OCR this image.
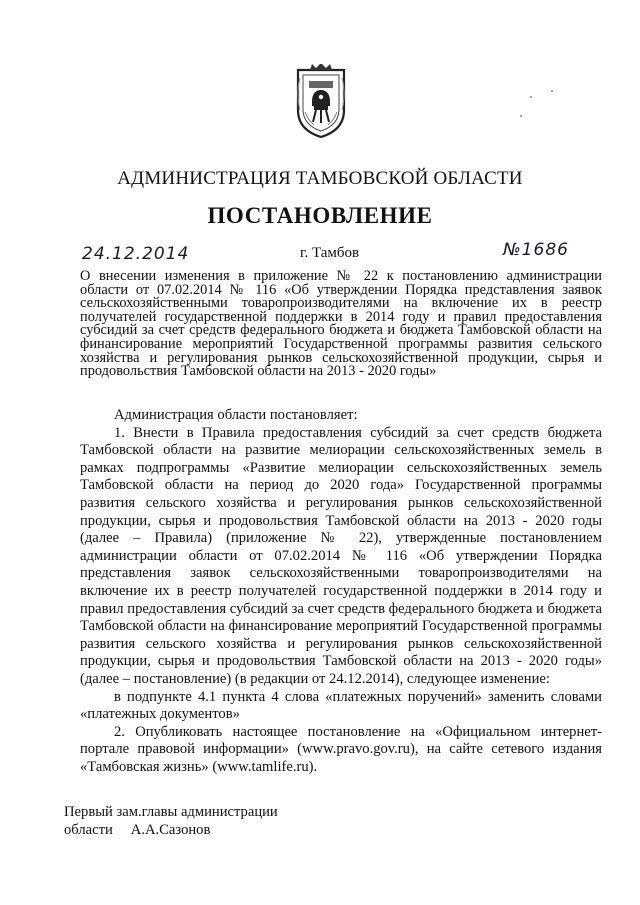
АДМИНИСТРАЦИЯ ТАМБОВСКОЙ ОБЛАСТИ
ПОСТАНОВЛЕНИЕ
24.12.2014	г. Тамбов	№1686
О внесении изменения в приложение № 22 к постановлению администрации области от 07.02.2014 № 116 «Об утверждении Порядка представления заявок сельскохозяйственными товаропроизводителями на включение их в реестр получателей государственной поддержки в 2014 году и правил предоставления субсидий за счет средств федерального бюджета и бюджета Тамбовской области на финансирование мероприятий Государственной программы развития сельского хозяйства и регулирования рынков сельскохозяйственной продукции, сырья и продовольствия Тамбовской области на 2013 - 2020 годы»

Администрация области постановляет:

1. Внести в Правила предоставления субсидий за счет средств бюджета Тамбовской области на развитие мелиорации сельскохозяйственных земель в рамках подпрограммы «Развитие мелиорации сельскохозяйственных земель Тамбовской области на период до 2020 года» Государственной программы развития сельского хозяйства и регулирования рынков сельскохозяйственной продукции, сырья и продовольствия Тамбовской области на 2013 - 2020 годы (далее – Правила) (приложение № 22), утвержденные постановлением администрации области от 07.02.2014 № 116 «Об утверждении Порядка представления заявок сельскохозяйственными товаропроизводителями на включение их в реестр получателей государственной поддержки в 2014 году и правил предоставления субсидий за счет средств федерального бюджета и бюджета Тамбовской области на финансирование мероприятий Государственной программы развития сельского хозяйства и регулирования рынков сельскохозяйственной продукции, сырья и продовольствия Тамбовской области на 2013 - 2020 годы» (далее – постановление) (в редакции от 24.12.2014), следующее изменение:

в подпункте 4.1 пункта 4 слова «платежных поручений» заменить словами «платежных документов»

2. Опубликовать настоящее постановление на «Официальном интернет-портале правовой информации» (www.pravo.gov.ru), на сайте сетевого издания «Тамбовская жизнь» (www.tamlife.ru).

Первый зам.главы администрации
области А.А.Сазонов
